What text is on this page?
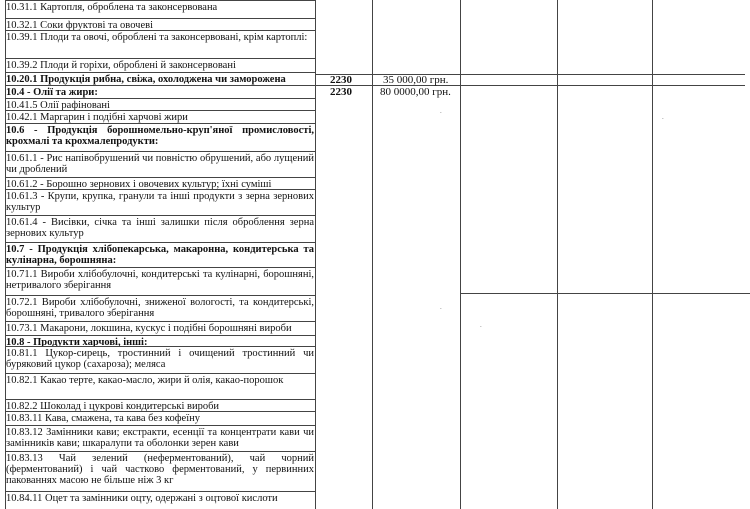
10.31.1 Картопля, оброблена та законсервована
10.32.1 Соки фруктові та овочеві
10.39.1 Плоди та овочі, оброблені та законсервовані, крім картоплі:
10.39.2 Плоди й горіхи, оброблені й законсервовані
10.20.1 Продукція рибна, свіжа, охолоджена чи заморожена
10.4 - Олії та жири:
10.41.5 Олії рафіновані
10.42.1 Маргарин і подібні харчові жири
10.6 - Продукція борошномельно-круп'яної промисловості, крохмалі та крохмалепродукти:
10.61.1 - Рис напівобрушений чи повністю обрушений, або лущений чи дроблений
10.61.2 - Борошно зернових і овочевих культур; їхні суміші
10.61.3 - Крупи, крупка, гранули та інші продукти з зерна зернових культур
10.61.4 - Висівки, січка та інші залишки після оброблення зерна зернових культур
10.7 - Продукція хлібопекарська, макаронна, кондитерська та кулінарна, борошняна:
10.71.1 Вироби хлібобулочні, кондитерські та кулінарні, борошняні, нетривалого зберігання
10.72.1 Вироби хлібобулочні, зниженої вологості, та кондитерські, борошняні, тривалого зберігання
10.73.1 Макарони, локшина, кускус і подібні борошняні вироби
10.8 - Продукти харчові, інші:
10.81.1 Цукор-сирець, тростинний і очищений тростинний чи буряковий цукор (сахароза); меляса
10.82.1 Какао терте, какао-масло, жири й олія, какао-порошок
10.82.2 Шоколад і цукрові кондитерські вироби
10.83.11 Кава, смажена, та кава без кофеїну
10.83.12 Замінники кави; екстракти, есенції та концентрати кави чи замінників кави; шкаралупи та оболонки зерен кави
10.83.13 Чай зелений (неферментований), чай чорний (ферментований) і чай частково ферментований, у первинних пакованнях масою не більше ніж 3 кг
10.84.11 Оцет та замінники оцту, одержані з оцтової кислоти
2230	35 000,00 грн.
2230	80 0000,00 грн.
.
.
.
.
